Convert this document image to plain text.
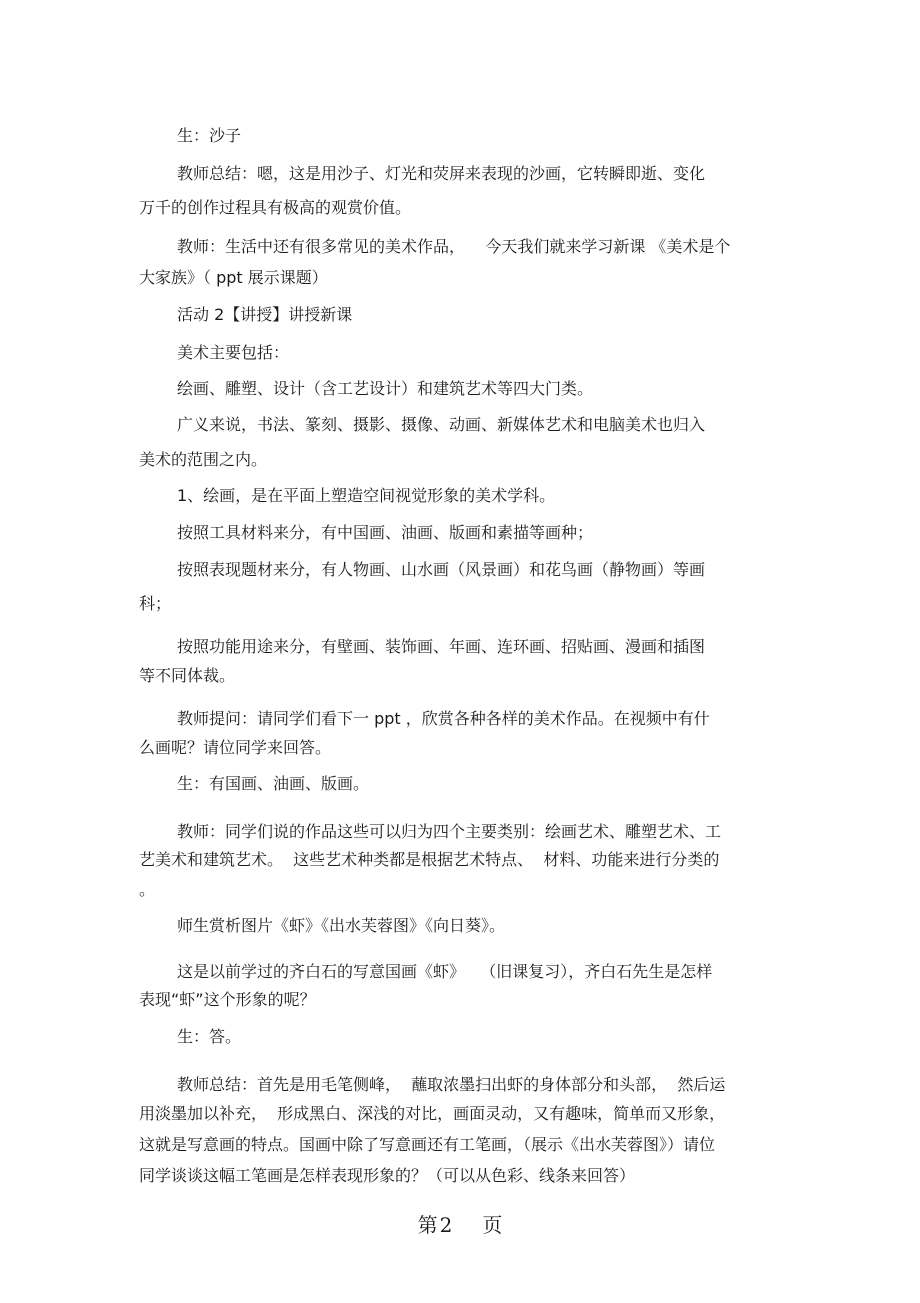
生：沙子

教师总结：嗯，这是用沙子、灯光和荧屏来表现的沙画，它转瞬即逝、变化

万千的创作过程具有极高的观赏价值。

教师：生活中还有很多常见的美术作品，    今天我们就来学习新课 《美术是个

大家族》（ ppt 展示课题）

活动 2【讲授】讲授新课

美术主要包括：

绘画、雕塑、设计（含工艺设计）和建筑艺术等四大门类。

广义来说，书法、篆刻、摄影、摄像、动画、新媒体艺术和电脑美术也归入

美术的范围之内。

1、绘画，是在平面上塑造空间视觉形象的美术学科。

按照工具材料来分，有中国画、油画、版画和素描等画种；

按照表现题材来分，有人物画、山水画（风景画）和花鸟画（静物画）等画

科；

按照功能用途来分，有壁画、装饰画、年画、连环画、招贴画、漫画和插图

等不同体裁。

教师提问：请同学们看下一 ppt ，欣赏各种各样的美术作品。在视频中有什

么画呢？请位同学来回答。

生：有国画、油画、版画。

教师：同学们说的作品这些可以归为四个主要类别：绘画艺术、雕塑艺术、工

艺美术和建筑艺术。  这些艺术种类都是根据艺术特点、  材料、功能来进行分类的

。

师生赏析图片《虾》《出水芙蓉图》《向日葵》。

这是以前学过的齐白石的写意国画《虾》   （旧课复习），齐白石先生是怎样

表现“虾”这个形象的呢？

生：答。

教师总结：首先是用毛笔侧峰，  蘸取浓墨扫出虾的身体部分和头部，  然后运

用淡墨加以补充，  形成黑白、深浅的对比，画面灵动，又有趣味，简单而又形象，

这就是写意画的特点。国画中除了写意画还有工笔画，（展示《出水芙蓉图》）请位

同学谈谈这幅工笔画是怎样表现形象的？（可以从色彩、线条来回答）

第 2 页
